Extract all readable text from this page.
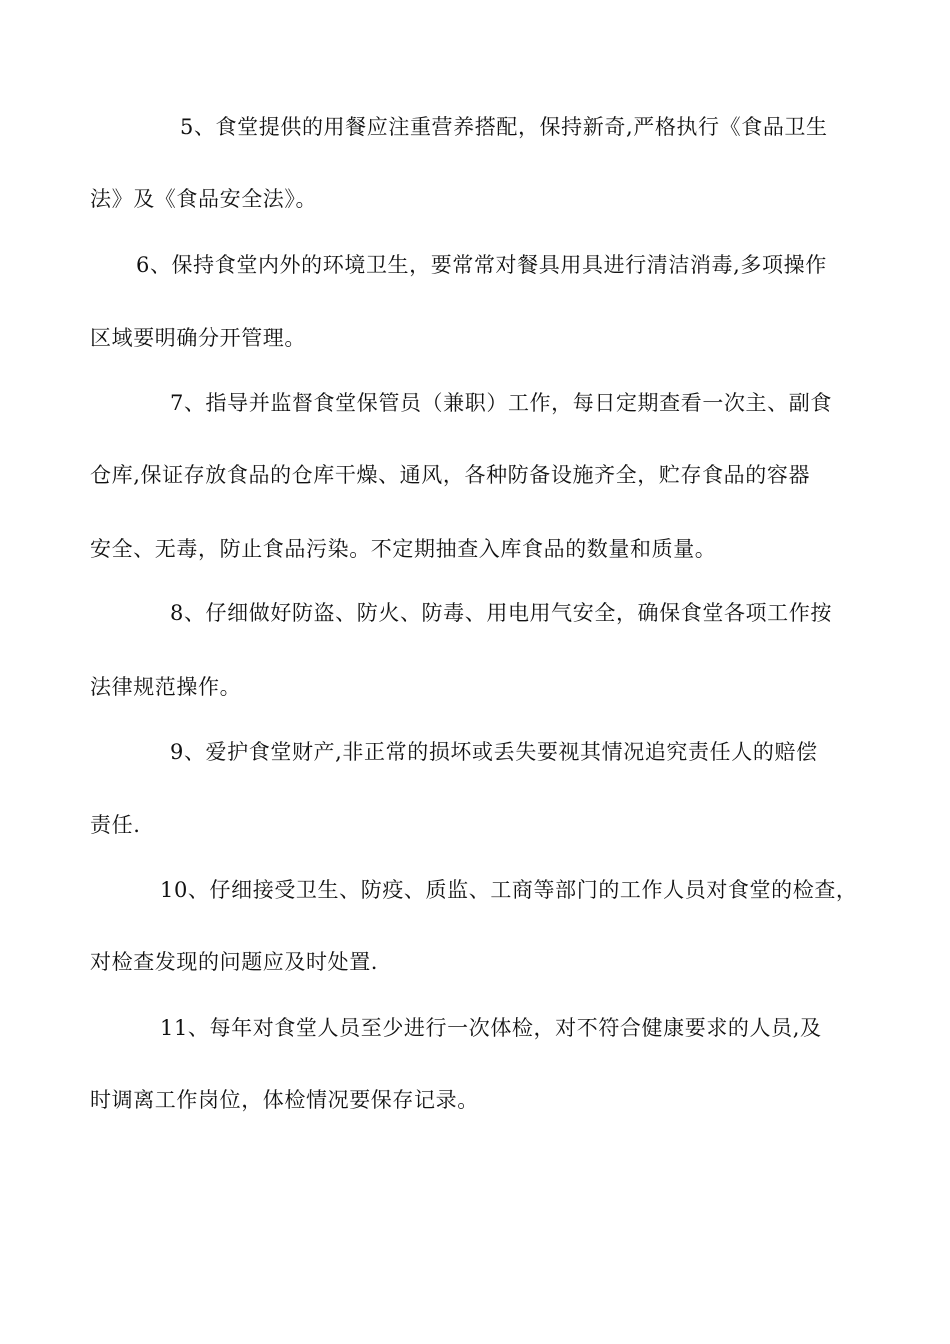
5、食堂提供的用餐应注重营养搭配，保持新奇,严格执行《食品卫生
法》及《食品安全法》。
6、保持食堂内外的环境卫生，要常常对餐具用具进行清洁消毒,多项操作
区域要明确分开管理。
7、指导并监督食堂保管员（兼职）工作，每日定期查看一次主、副食
仓库,保证存放食品的仓库干燥、通风，各种防备设施齐全，贮存食品的容器
安全、无毒，防止食品污染。不定期抽查入库食品的数量和质量。
8、仔细做好防盗、防火、防毒、用电用气安全，确保食堂各项工作按
法律规范操作。
9、爱护食堂财产,非正常的损坏或丢失要视其情况追究责任人的赔偿
责任.
10、仔细接受卫生、防疫、质监、工商等部门的工作人员对食堂的检查，
对检查发现的问题应及时处置.
11、每年对食堂人员至少进行一次体检，对不符合健康要求的人员,及
时调离工作岗位，体检情况要保存记录。
